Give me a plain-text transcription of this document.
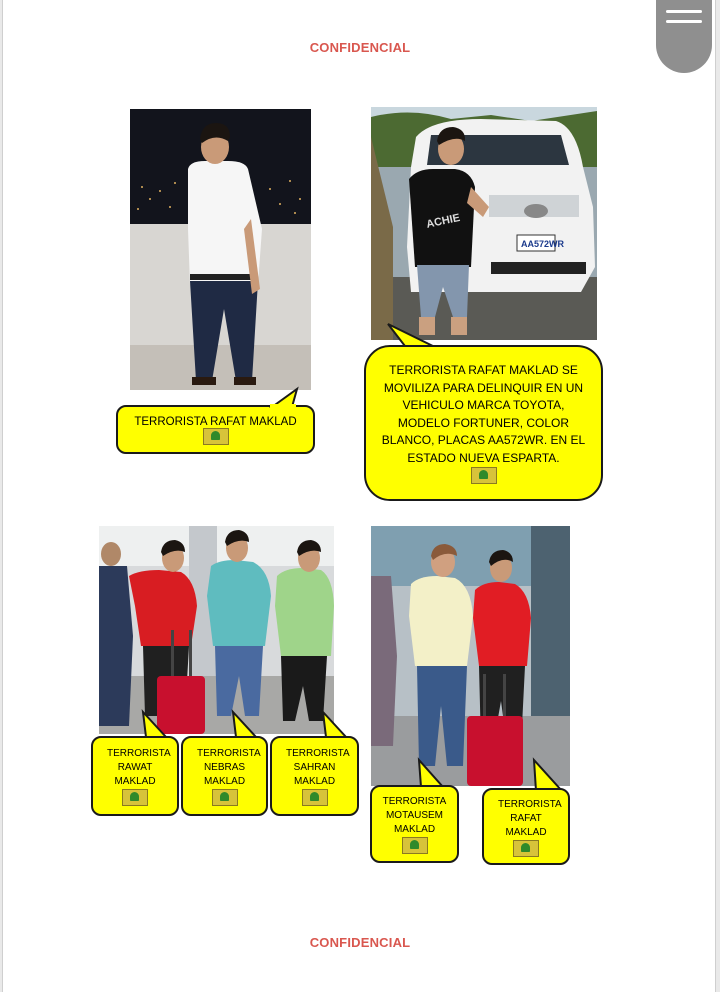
CONFIDENCIAL
TERRORISTA RAFAT MAKLAD
AA572WR
ACHIE
TERRORISTA RAFAT MAKLAD SE MOVILIZA PARA DELINQUIR EN UN VEHICULO MARCA TOYOTA, MODELO FORTUNER, COLOR BLANCO, PLACAS AA572WR. EN EL ESTADO NUEVA ESPARTA.
TERRORISTA RAWAT MAKLAD
TERRORISTA NEBRAS MAKLAD
TERRORISTA SAHRAN MAKLAD
TERRORISTA MOTAUSEM MAKLAD
TERRORISTA RAFAT MAKLAD
CONFIDENCIAL
